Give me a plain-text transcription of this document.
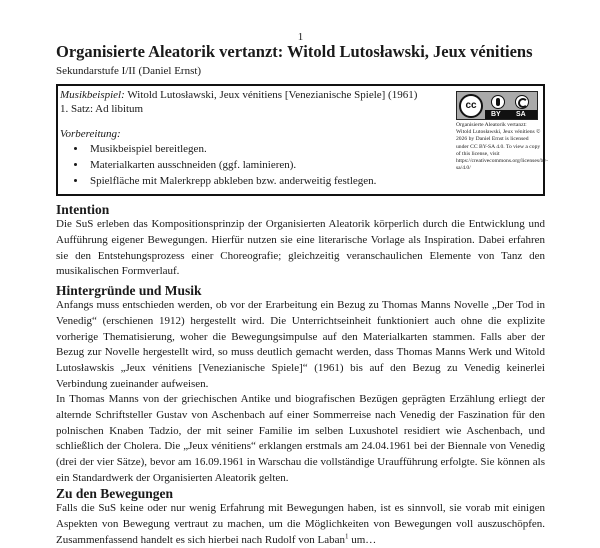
1
Organisierte Aleatorik vertanzt: Witold Lutosławski, Jeux vénitiens
Sekundarstufe I/II (Daniel Ernst)
Musikbeispiel: Witold Lutosławski, Jeux vénitiens [Venezianische Spiele] (1961)
1. Satz: Ad libitum
Vorbereitung:
• Musikbeispiel bereitlegen.
• Materialkarten ausschneiden (ggf. laminieren).
• Spielfläche mit Malerkrepp abkleben bzw. anderweitig festlegen.
cc
BY SA
Organisierte Aleatorik vertanzt: Witold Lutosławski, Jeux vénitiens © 2026 by Daniel Ernst is licensed under CC BY-SA 4.0. To view a copy of this license, visit https://creativecommons.org/licenses/by-sa/4.0/
Intention

Die SuS erleben das Kompositionsprinzip der Organisierten Aleatorik körperlich durch die Entwicklung und Aufführung eigener Bewegungen. Hierfür nutzen sie eine literarische Vorlage als Inspiration. Dabei erfahren sie den Entstehungsprozess einer Choreografie; gleichzeitig veranschaulichen Elemente von Tanz den musikalischen Formverlauf.

Hintergründe und Musik

Anfangs muss entschieden werden, ob vor der Erarbeitung ein Bezug zu Thomas Manns Novelle „Der Tod in Venedig“ (erschienen 1912) hergestellt wird. Die Unterrichtseinheit funktioniert auch ohne die explizite vorherige Thematisierung, woher die Bewegungsimpulse auf den Materialkarten stammen. Falls aber der Bezug zur Novelle hergestellt wird, so muss deutlich gemacht werden, dass Thomas Manns Werk und Witold Lutosławskis „Jeux vénitiens [Venezianische Spiele]“ (1961) bis auf den Bezug zu Venedig keinerlei Verbindung zueinander aufweisen.

In Thomas Manns von der griechischen Antike und biografischen Bezügen geprägten Erzählung erliegt der alternde Schriftsteller Gustav von Aschenbach auf einer Sommerreise nach Venedig der Faszination für den polnischen Knaben Tadzio, der mit seiner Familie im selben Luxushotel residiert wie Aschenbach, und schließlich der Cholera. Die „Jeux vénitiens“ erklangen erstmals am 24.04.1961 bei der Biennale von Venedig (drei der vier Sätze), bevor am 16.09.1961 in Warschau die vollständige Uraufführung erfolgte. Sie können als ein Standardwerk der Organisierten Aleatorik gelten.

Zu den Bewegungen

Falls die SuS keine oder nur wenig Erfahrung mit Bewegungen haben, ist es sinnvoll, sie vorab mit einigen Aspekten von Bewegung vertraut zu machen, um die Möglichkeiten von Bewegungen voll auszuschöpfen. Zusammenfassend handelt es sich hierbei nach Rudolf von Laban$^1$ um…
